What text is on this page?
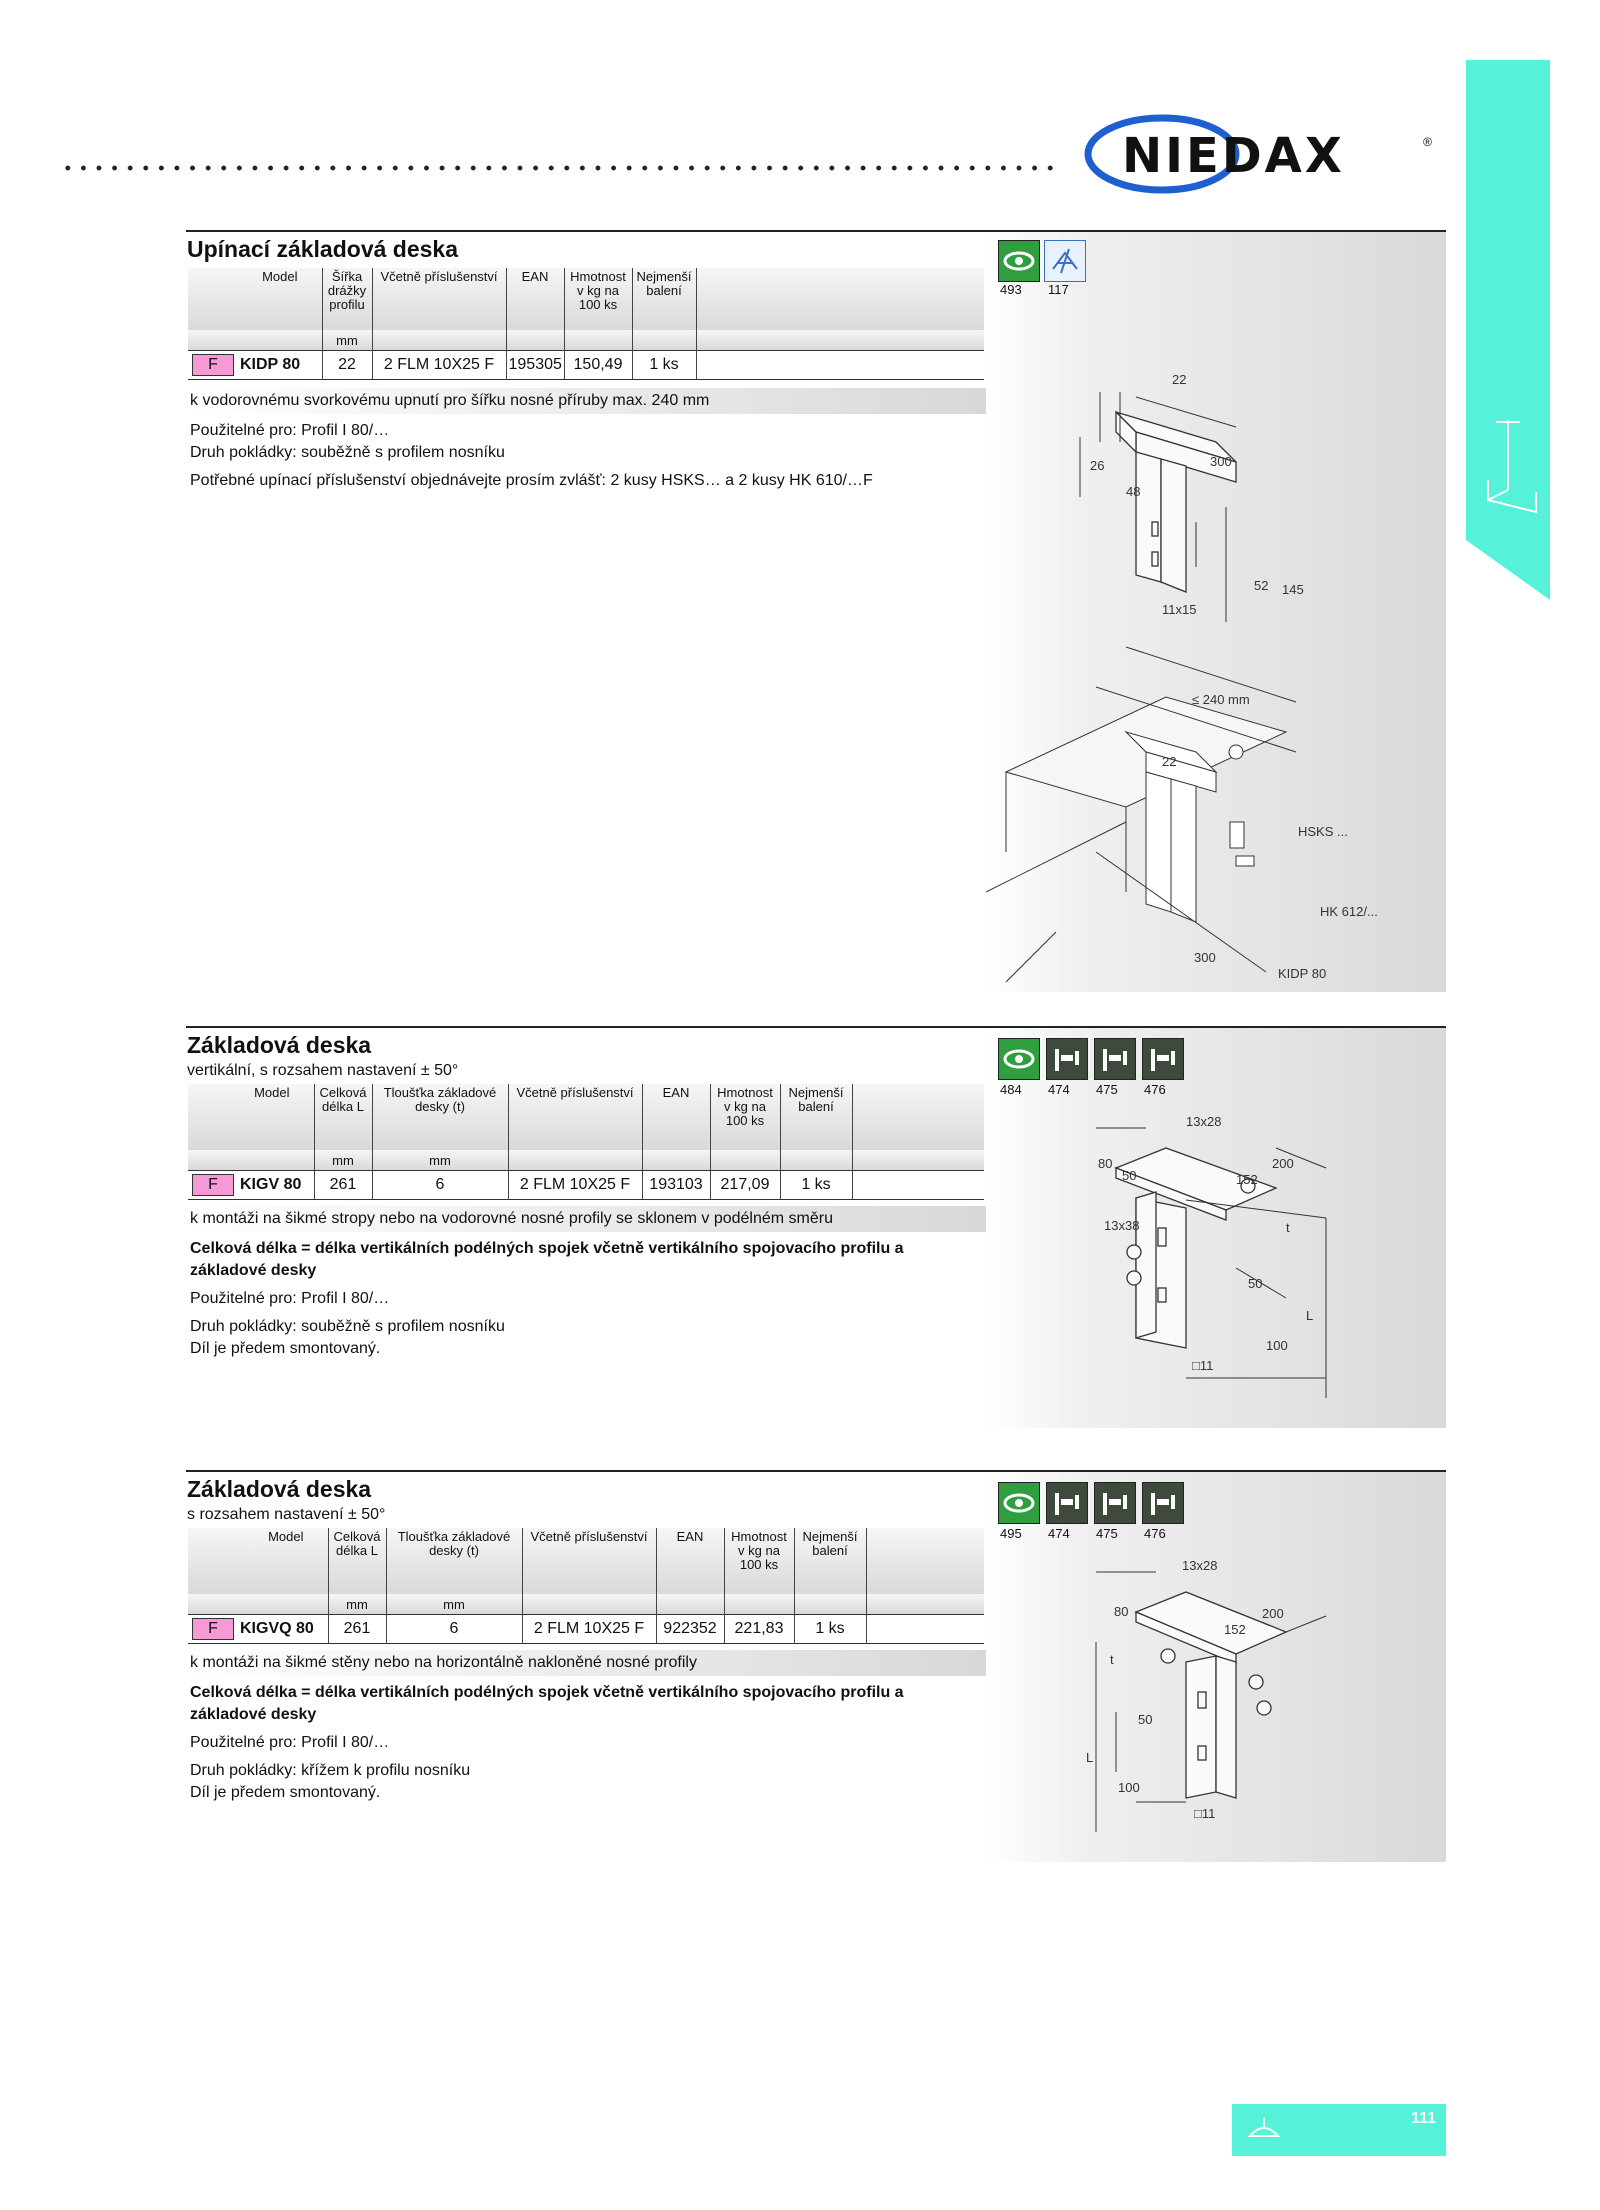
NIEDAX	®
Upínací základová deska
Model	Šířka drážky profilu	Včetně příslušenství	EAN	Hmotnost v kg na 100 ks	Nejmenší balení	
	mm					
F KIDP 80	22	2 FLM 10X25 F	195305	150,49	1 ks	
k vodorovnému svorkovému upnutí pro šířku nosné příruby max. 240 mm
Použitelné pro: Profil I 80/…
Druh pokládky: souběžně s profilem nosníku
Potřebné upínací příslušenství objednávejte prosím zvlášť: 2 kusy HSKS… a 2 kusy HK 610/…F
493 117
22
300
26
48
52 145
11x15
≤ 240 mm
22
HSKS ...
HK 612/...
300
KIDP 80
Základová deska
vertikální, s rozsahem nastavení ± 50°
Model	Celková délka L	Tloušťka základové desky (t)	Včetně příslušenství	EAN	Hmotnost v kg na 100 ks	Nejmenší balení	
	mm	mm					
F KIGV 80	261	6	2 FLM 10X25 F	193103	217,09	1 ks	
k montáži na šikmé stropy nebo na vodorovné nosné profily se sklonem v podélném směru
Celková délka = délka vertikálních podélných spojek včetně vertikálního spojovacího profilu a základové desky
Použitelné pro: Profil I 80/…
Druh pokládky: souběžně s profilem nosníku
Díl je předem smontovaný.
484 474 475 476
13x28
80
50
200
152
13x38	t
50
L
100
□11
Základová deska
s rozsahem nastavení ± 50°
Model	Celková délka L	Tloušťka základové desky (t)	Včetně příslušenství	EAN	Hmotnost v kg na 100 ks	Nejmenší balení	
	mm	mm					
F KIGVQ 80	261	6	2 FLM 10X25 F	922352	221,83	1 ks	
k montáži na šikmé stěny nebo na horizontálně nakloněné nosné profily
Celková délka = délka vertikálních podélných spojek včetně vertikálního spojovacího profilu a základové desky
Použitelné pro: Profil I 80/…
Druh pokládky: křížem k profilu nosníku
Díl je předem smontovaný.
495 474 475 476
13x28
80	200
152
t
50
L
100
□11
111
